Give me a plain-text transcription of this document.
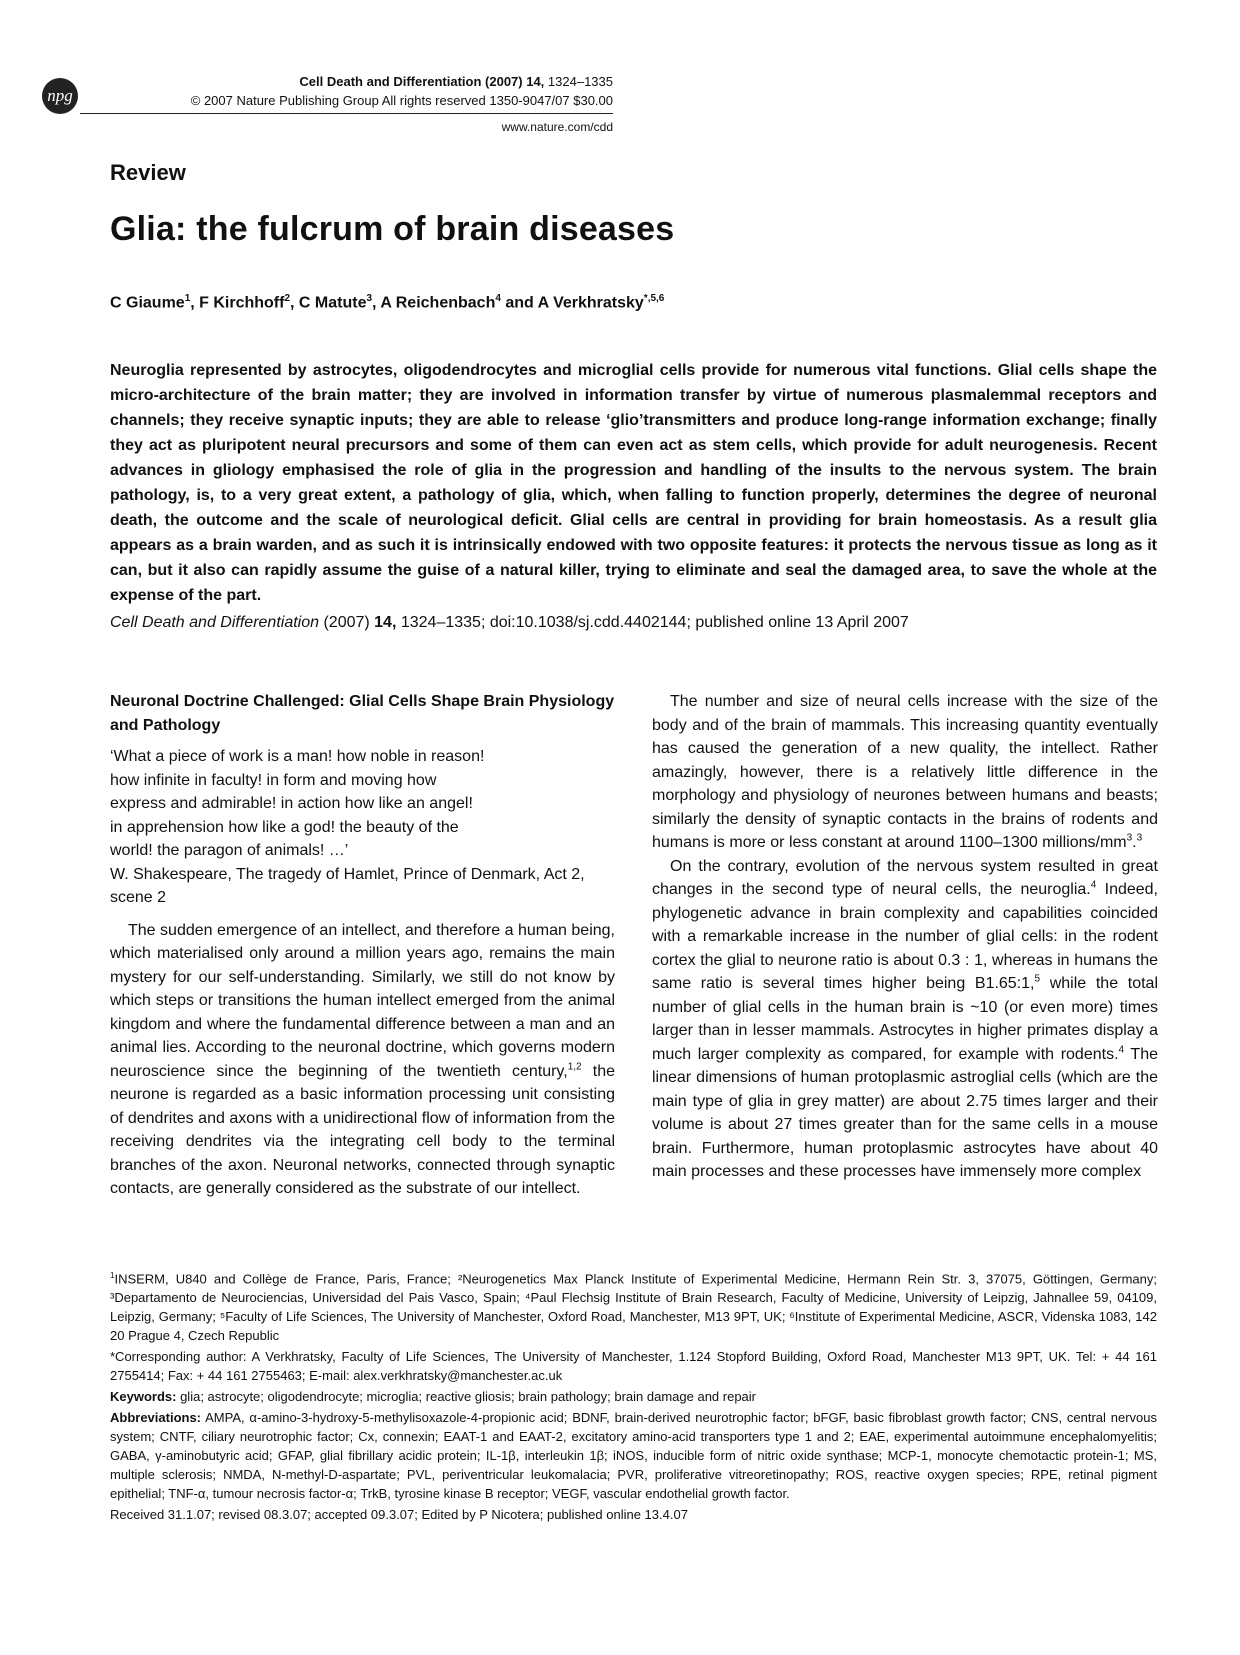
npg
Cell Death and Differentiation (2007) 14, 1324–1335
© 2007 Nature Publishing Group All rights reserved 1350-9047/07 $30.00
www.nature.com/cdd
Review
Glia: the fulcrum of brain diseases
C Giaume$^1$, F Kirchhoff$^2$, C Matute$^3$, A Reichenbach$^4$ and A Verkhratsky$^{*,5,6}$

Neuroglia represented by astrocytes, oligodendrocytes and microglial cells provide for numerous vital functions. Glial cells shape the micro-architecture of the brain matter; they are involved in information transfer by virtue of numerous plasmalemmal receptors and channels; they receive synaptic inputs; they are able to release ‘glio’transmitters and produce long-range information exchange; finally they act as pluripotent neural precursors and some of them can even act as stem cells, which provide for adult neurogenesis. Recent advances in gliology emphasised the role of glia in the progression and handling of the insults to the nervous system. The brain pathology, is, to a very great extent, a pathology of glia, which, when falling to function properly, determines the degree of neuronal death, the outcome and the scale of neurological deficit. Glial cells are central in providing for brain homeostasis. As a result glia appears as a brain warden, and as such it is intrinsically endowed with two opposite features: it protects the nervous tissue as long as it can, but it also can rapidly assume the guise of a natural killer, trying to eliminate and seal the damaged area, to save the whole at the expense of the part.

Cell Death and Differentiation (2007) 14, 1324–1335; doi:10.1038/sj.cdd.4402144; published online 13 April 2007

Neuronal Doctrine Challenged: Glial Cells Shape Brain Physiology and Pathology

‘What a piece of work is a man! how noble in reason!
how infinite in faculty! in form and moving how
express and admirable! in action how like an angel!
in apprehension how like a god! the beauty of the
world! the paragon of animals! …’
W. Shakespeare, The tragedy of Hamlet, Prince of Denmark, Act 2, scene 2

The sudden emergence of an intellect, and therefore a human being, which materialised only around a million years ago, remains the main mystery for our self-understanding. Similarly, we still do not know by which steps or transitions the human intellect emerged from the animal kingdom and where the fundamental difference between a man and an animal lies. According to the neuronal doctrine, which governs modern neuroscience since the beginning of the twentieth century,$^{1,2}$ the neurone is regarded as a basic information processing unit consisting of dendrites and axons with a unidirectional flow of information from the receiving dendrites via the integrating cell body to the terminal branches of the axon. Neuronal networks, connected through synaptic contacts, are generally considered as the substrate of our intellect.

The number and size of neural cells increase with the size of the body and of the brain of mammals. This increasing quantity eventually has caused the generation of a new quality, the intellect. Rather amazingly, however, there is a relatively little difference in the morphology and physiology of neurones between humans and beasts; similarly the density of synaptic contacts in the brains of rodents and humans is more or less constant at around 1100–1300 millions/mm$^3$.$^3$

On the contrary, evolution of the nervous system resulted in great changes in the second type of neural cells, the neuroglia.$^4$ Indeed, phylogenetic advance in brain complexity and capabilities coincided with a remarkable increase in the number of glial cells: in the rodent cortex the glial to neurone ratio is about 0.3 : 1, whereas in humans the same ratio is several times higher being B1.65:1,$^5$ while the total number of glial cells in the human brain is ~10 (or even more) times larger than in lesser mammals. Astrocytes in higher primates display a much larger complexity as compared, for example with rodents.$^4$ The linear dimensions of human protoplasmic astroglial cells (which are the main type of glia in grey matter) are about 2.75 times larger and their volume is about 27 times greater than for the same cells in a mouse brain. Furthermore, human protoplasmic astrocytes have about 40 main processes and these processes have immensely more complex

$^1$INSERM, U840 and Collège de France, Paris, France; ²Neurogenetics Max Planck Institute of Experimental Medicine, Hermann Rein Str. 3, 37075, Göttingen, Germany; ³Departamento de Neurociencias, Universidad del Pais Vasco, Spain; ⁴Paul Flechsig Institute of Brain Research, Faculty of Medicine, University of Leipzig, Jahnallee 59, 04109, Leipzig, Germany; ⁵Faculty of Life Sciences, The University of Manchester, Oxford Road, Manchester, M13 9PT, UK; ⁶Institute of Experimental Medicine, ASCR, Videnska 1083, 142 20 Prague 4, Czech Republic

*Corresponding author: A Verkhratsky, Faculty of Life Sciences, The University of Manchester, 1.124 Stopford Building, Oxford Road, Manchester M13 9PT, UK. Tel: + 44 161 2755414; Fax: + 44 161 2755463; E-mail: alex.verkhratsky@manchester.ac.uk

Keywords: glia; astrocyte; oligodendrocyte; microglia; reactive gliosis; brain pathology; brain damage and repair

Abbreviations: AMPA, α-amino-3-hydroxy-5-methylisoxazole-4-propionic acid; BDNF, brain-derived neurotrophic factor; bFGF, basic fibroblast growth factor; CNS, central nervous system; CNTF, ciliary neurotrophic factor; Cx, connexin; EAAT-1 and EAAT-2, excitatory amino-acid transporters type 1 and 2; EAE, experimental autoimmune encephalomyelitis; GABA, γ-aminobutyric acid; GFAP, glial fibrillary acidic protein; IL-1β, interleukin 1β; iNOS, inducible form of nitric oxide synthase; MCP-1, monocyte chemotactic protein-1; MS, multiple sclerosis; NMDA, N-methyl-D-aspartate; PVL, periventricular leukomalacia; PVR, proliferative vitreoretinopathy; ROS, reactive oxygen species; RPE, retinal pigment epithelial; TNF-α, tumour necrosis factor-α; TrkB, tyrosine kinase B receptor; VEGF, vascular endothelial growth factor.

Received 31.1.07; revised 08.3.07; accepted 09.3.07; Edited by P Nicotera; published online 13.4.07
